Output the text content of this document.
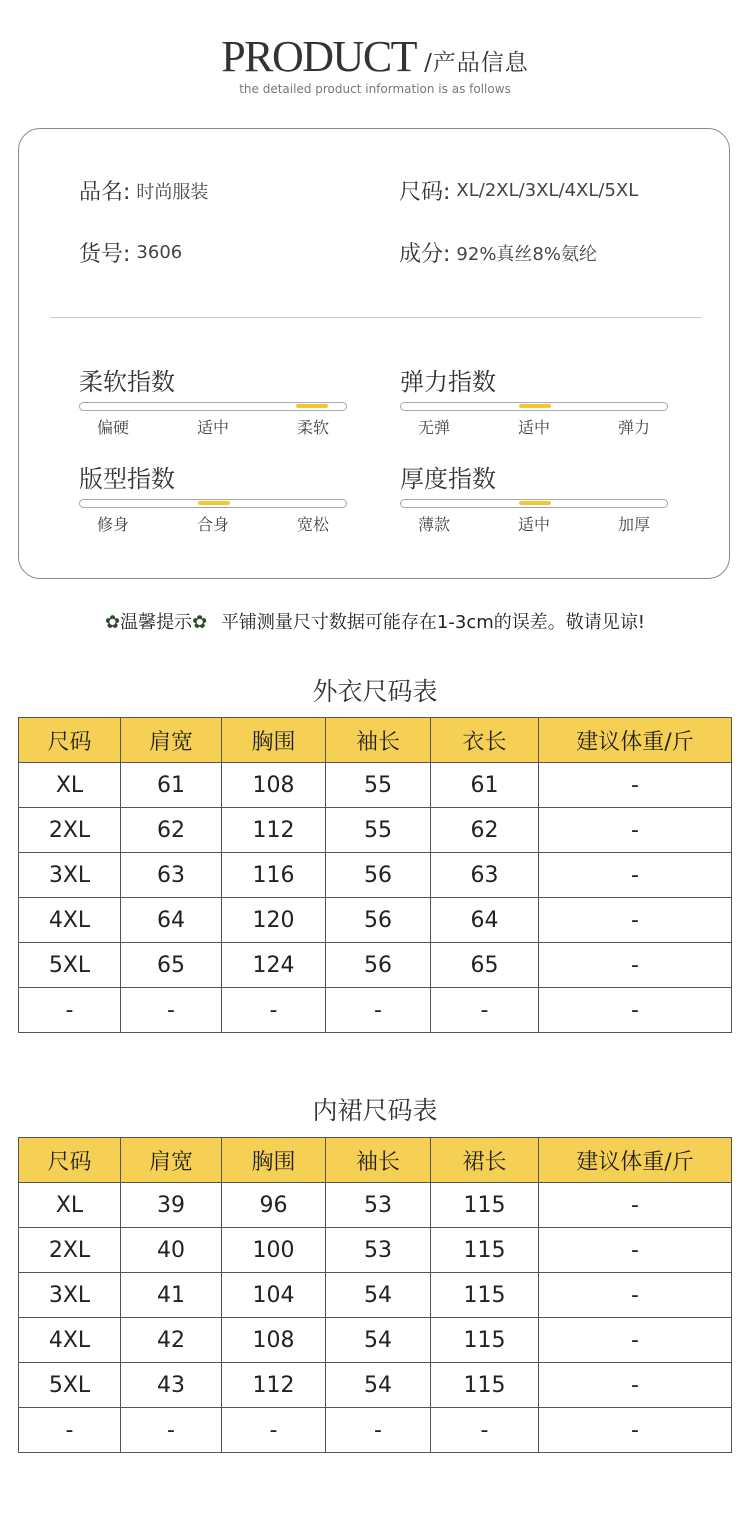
PRODUCT /产品信息
the detailed product information is as follows
品名: 时尚服装	尺码: XL/2XL/3XL/4XL/5XL
货号: 3606	成分: 92%真丝8%氨纶
柔软指数
偏硬	适中	柔软
弹力指数
无弹	适中	弹力
版型指数
修身	合身	宽松
厚度指数
薄款	适中	加厚
✿温馨提示✿ 平铺测量尺寸数据可能存在1-3cm的误差。敬请见谅!
外衣尺码表
尺码	肩宽	胸围	袖长	衣长	建议体重/斤
XL	61	108	55	61	-
2XL	62	112	55	62	-
3XL	63	116	56	63	-
4XL	64	120	56	64	-
5XL	65	124	56	65	-
-	-	-	-	-	-
内裙尺码表
尺码	肩宽	胸围	袖长	裙长	建议体重/斤
XL	39	96	53	115	-
2XL	40	100	53	115	-
3XL	41	104	54	115	-
4XL	42	108	54	115	-
5XL	43	112	54	115	-
-	-	-	-	-	-
